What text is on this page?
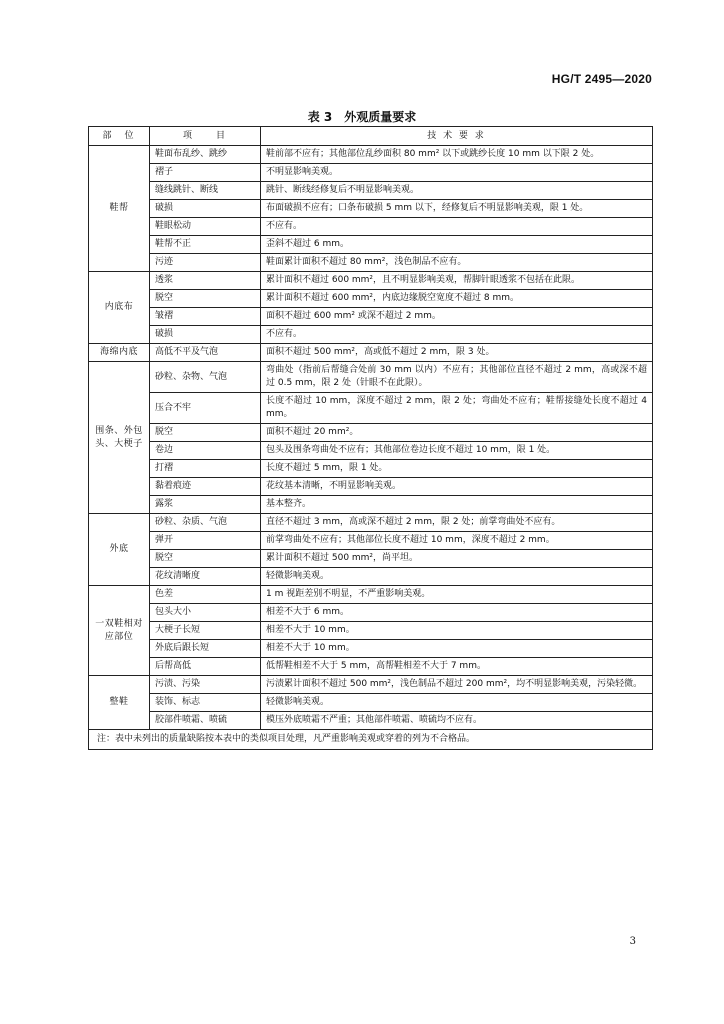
HG/T 2495—2020
表 3　外观质量要求
部　位	项　　目	技 术 要 求
鞋帮	鞋面布乱纱、跳纱	鞋前部不应有；其他部位乱纱面积 80 mm² 以下或跳纱长度 10 mm 以下限 2 处。
	褶子	不明显影响美观。
	缝线跳针、断线	跳针、断线经修复后不明显影响美观。
	破损	布面破损不应有；口条布破损 5 mm 以下，经修复后不明显影响美观，限 1 处。
	鞋眼松动	不应有。
	鞋帮不正	歪斜不超过 6 mm。
	污迹	鞋面累计面积不超过 80 mm²，浅色制品不应有。
内底布	透浆	累计面积不超过 600 mm²，且不明显影响美观，帮脚针眼透浆不包括在此限。
	脱空	累计面积不超过 600 mm²，内底边缘脱空宽度不超过 8 mm。
	皱褶	面积不超过 600 mm² 或深不超过 2 mm。
	破损	不应有。
海绵内底	高低不平及气泡	面积不超过 500 mm²，高或低不超过 2 mm，限 3 处。
围条、外包头、大梗子	砂粒、杂物、气泡	弯曲处（指前后帮缝合处前 30 mm 以内）不应有；其他部位直径不超过 2 mm，高或深不超过 0.5 mm，限 2 处（针眼不在此限）。
	压合不牢	长度不超过 10 mm，深度不超过 2 mm，限 2 处；弯曲处不应有；鞋帮接缝处长度不超过 4 mm。
	脱空	面积不超过 20 mm²。
	卷边	包头及围条弯曲处不应有；其他部位卷边长度不超过 10 mm，限 1 处。
	打褶	长度不超过 5 mm，限 1 处。
	黏着痕迹	花纹基本清晰，不明显影响美观。
	露浆	基本整齐。
外底	砂粒、杂质、气泡	直径不超过 3 mm，高或深不超过 2 mm，限 2 处；前掌弯曲处不应有。
	弹开	前掌弯曲处不应有；其他部位长度不超过 10 mm，深度不超过 2 mm。
	脱空	累计面积不超过 500 mm²，尚平坦。
	花纹清晰度	轻微影响美观。
一双鞋相对应部位	色差	1 m 视距差别不明显，不严重影响美观。
	包头大小	相差不大于 6 mm。
	大梗子长短	相差不大于 10 mm。
	外底后跟长短	相差不大于 10 mm。
	后帮高低	低帮鞋相差不大于 5 mm，高帮鞋相差不大于 7 mm。
整鞋	污渍、污染	污渍累计面积不超过 500 mm²，浅色制品不超过 200 mm²，均不明显影响美观，污染轻微。
	装饰、标志	轻微影响美观。
	胶部件喷霜、喷硫	模压外底喷霜不严重；其他部件喷霜、喷硫均不应有。
注：表中未列出的质量缺陷按本表中的类似项目处理，凡严重影响美观或穿着的列为不合格品。		
3
